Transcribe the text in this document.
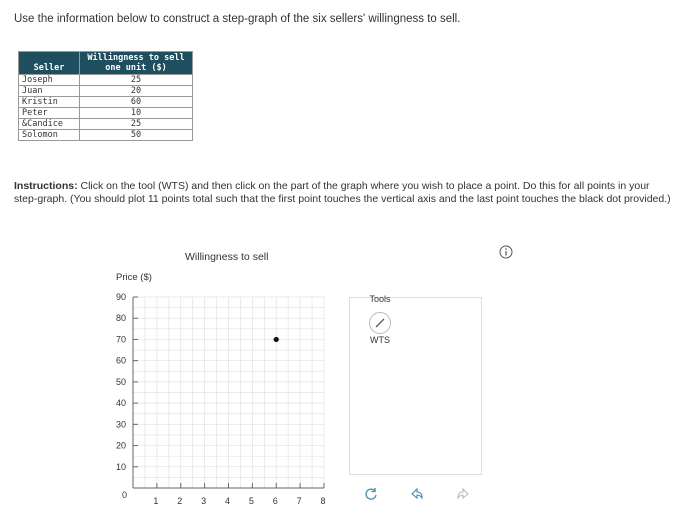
Use the information below to construct a step-graph of the six sellers' willingness to sell.
Seller	Willingness to sell one unit ($)
Joseph	25
Juan	20
Kristin	60
Peter	10
&Candice	25
Solomon	50
Instructions: Click on the tool (WTS) and then click on the part of the graph where you wish to place a point. Do this for all points in your step-graph. (You should plot 11 points total such that the first point touches the vertical axis and the last point touches the black dot provided.)
Willingness to sell
Price ($)
90
80
70
60
50
40
30
20
10
0
1 2 3 4 5 6 7 8
Tools
WTS
